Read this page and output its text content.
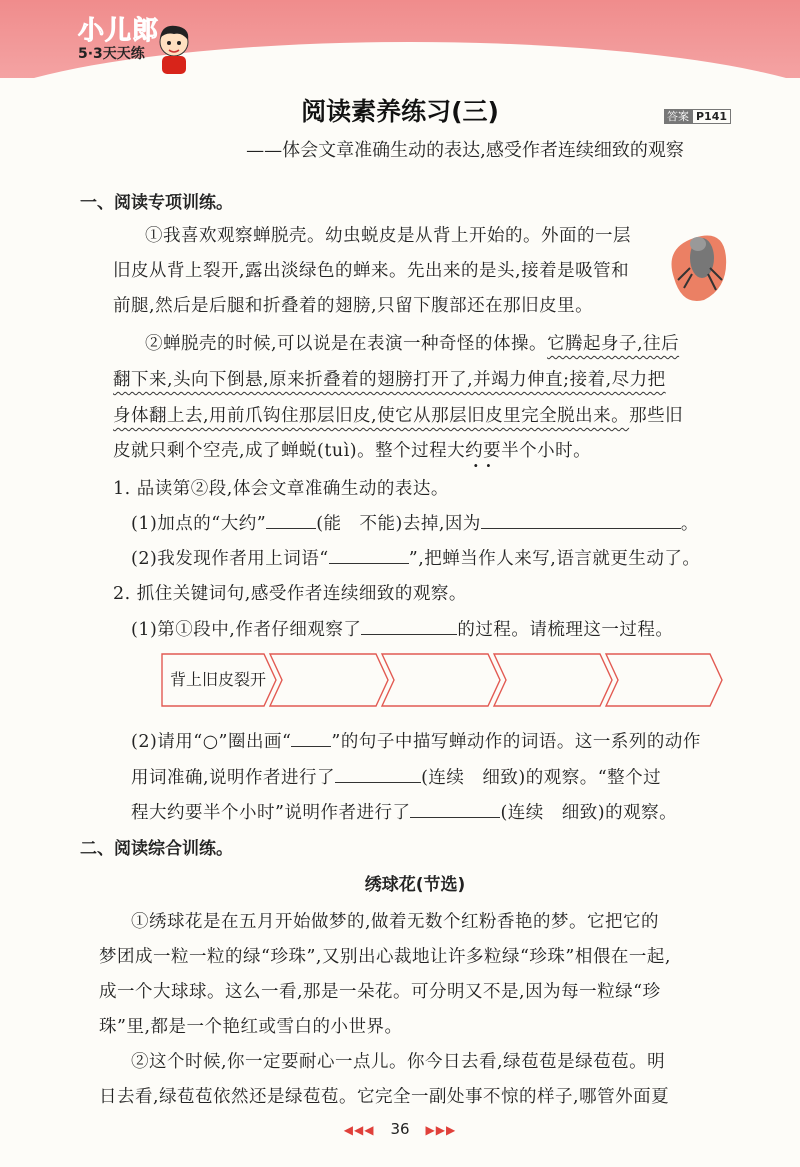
小儿郎
5·3天天练
阅读素养练习(三)	答案 P141
——体会文章准确生动的表达,感受作者连续细致的观察
一、阅读专项训练。
①我喜欢观察蝉脱壳。幼虫蜕皮是从背上开始的。外面的一层
旧皮从背上裂开,露出淡绿色的蝉来。先出来的是头,接着是吸管和
前腿,然后是后腿和折叠着的翅膀,只留下腹部还在那旧皮里。
②蝉脱壳的时候,可以说是在表演一种奇怪的体操。它腾起身子,往后
翻下来,头向下倒悬,原来折叠着的翅膀打开了,并竭力伸直;接着,尽力把
身体翻上去,用前爪钩住那层旧皮,使它从那层旧皮里完全脱出来。那些旧
皮就只剩个空壳,成了蝉蜕(tuì)。整个过程大约要半个小时。
··
1. 品读第②段,体会文章准确生动的表达。
(1)加点的“大约”	(能　不能)去掉,因为	。
(2)我发现作者用上词语“	”,把蝉当作人来写,语言就更生动了。
2. 抓住关键词句,感受作者连续细致的观察。
(1)第①段中,作者仔细观察了	的过程。请梳理这一过程。
背上旧皮裂开
(2)请用“○”圈出画“ ”的句子中描写蝉动作的词语。这一系列的动作
用词准确,说明作者进行了	(连续　细致)的观察。“整个过
程大约要半个小时”说明作者进行了	(连续　细致)的观察。
二、阅读综合训练。
绣球花(节选)
①绣球花是在五月开始做梦的,做着无数个红粉香艳的梦。它把它的
梦团成一粒一粒的绿“珍珠”,又别出心裁地让许多粒绿“珍珠”相偎在一起,
成一个大球球。这么一看,那是一朵花。可分明又不是,因为每一粒绿“珍
珠”里,都是一个艳红或雪白的小世界。
②这个时候,你一定要耐心一点儿。你今日去看,绿苞苞是绿苞苞。明
日去看,绿苞苞依然还是绿苞苞。它完全一副处事不惊的样子,哪管外面夏
◀◀◀ 36 ▶▶▶
